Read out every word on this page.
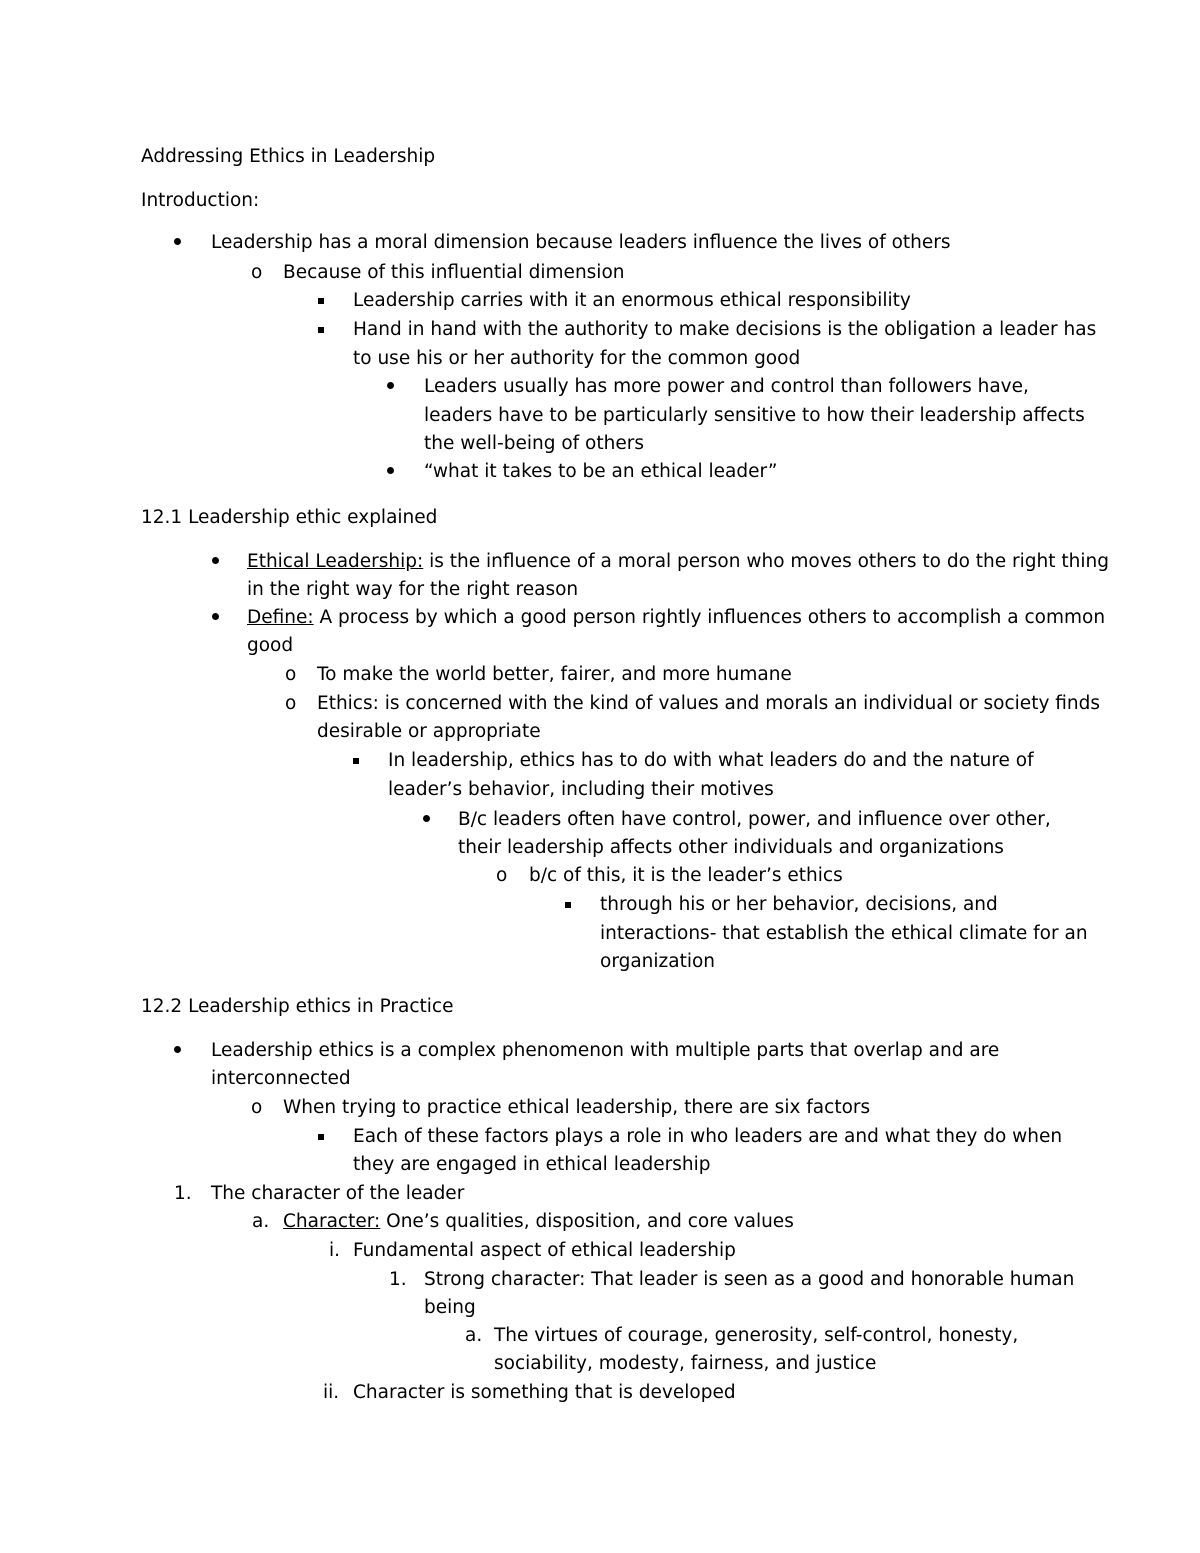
Addressing Ethics in Leadership
Introduction:
Leadership has a moral dimension because leaders influence the lives of others
o Because of this influential dimension
Leadership carries with it an enormous ethical responsibility
Hand in hand with the authority to make decisions is the obligation a leader has
to use his or her authority for the common good
Leaders usually has more power and control than followers have,
leaders have to be particularly sensitive to how their leadership affects
the well-being of others
“what it takes to be an ethical leader”
12.1 Leadership ethic explained
Ethical Leadership: is the influence of a moral person who moves others to do the right thing
in the right way for the right reason
Define: A process by which a good person rightly influences others to accomplish a common
good
o To make the world better, fairer, and more humane
o Ethics: is concerned with the kind of values and morals an individual or society finds
desirable or appropriate
In leadership, ethics has to do with what leaders do and the nature of
leader’s behavior, including their motives
B/c leaders often have control, power, and influence over other,
their leadership affects other individuals and organizations
o b/c of this, it is the leader’s ethics
through his or her behavior, decisions, and
interactions- that establish the ethical climate for an
organization
12.2 Leadership ethics in Practice
Leadership ethics is a complex phenomenon with multiple parts that overlap and are
interconnected
o When trying to practice ethical leadership, there are six factors
Each of these factors plays a role in who leaders are and what they do when
they are engaged in ethical leadership
1. The character of the leader
a. Character: One’s qualities, disposition, and core values
i. Fundamental aspect of ethical leadership
1. Strong character: That leader is seen as a good and honorable human
being
a. The virtues of courage, generosity, self-control, honesty,
sociability, modesty, fairness, and justice
ii. Character is something that is developed
